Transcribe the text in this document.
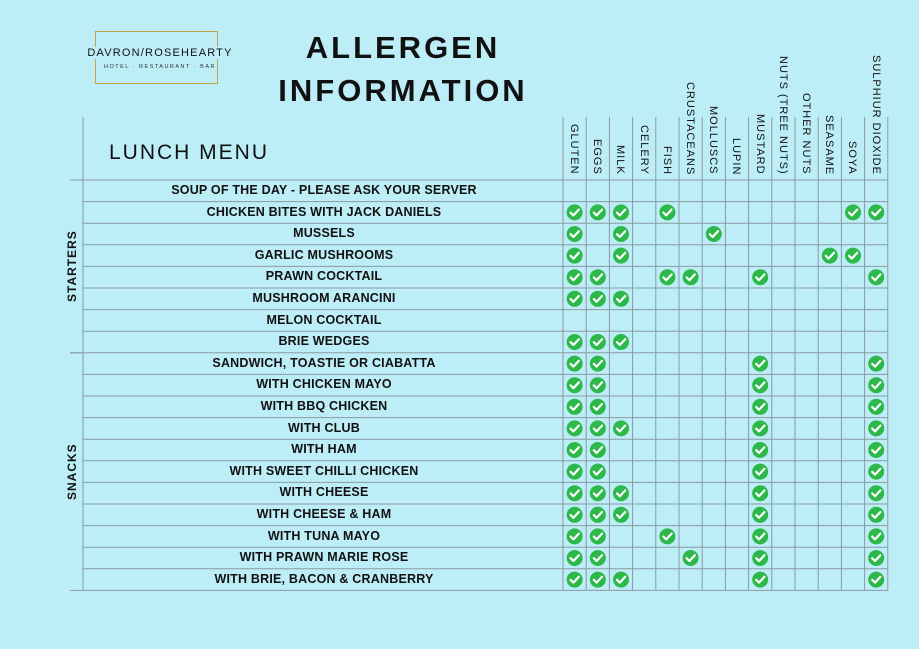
DAVRON/ROSEHEARTY
HOTEL · RESTAURANT · BAR
ALLERGEN
INFORMATION
LUNCH MENU	GLUTEN EGGS MILK CELERY FISH CRUSTACEANS MOLLUSCS LUPIN MUSTARD NUTS (TREE NUTS) OTHER NUTS SEASAME SOYA SULPHIUR DIOXIDE
SOUP OF THE DAY - PLEASE ASK YOUR SERVER
CHICKEN BITES WITH JACK DANIELS
MUSSELS
GARLIC MUSHROOMS
PRAWN COCKTAIL
MUSHROOM ARANCINI
MELON COCKTAIL
BRIE WEDGES
STARTERS
SANDWICH, TOASTIE OR CIABATTA
WITH CHICKEN MAYO
WITH BBQ CHICKEN
WITH CLUB
WITH HAM
WITH SWEET CHILLI CHICKEN
WITH CHEESE
WITH CHEESE & HAM
WITH TUNA MAYO
WITH PRAWN MARIE ROSE
WITH BRIE, BACON & CRANBERRY
SNACKS
